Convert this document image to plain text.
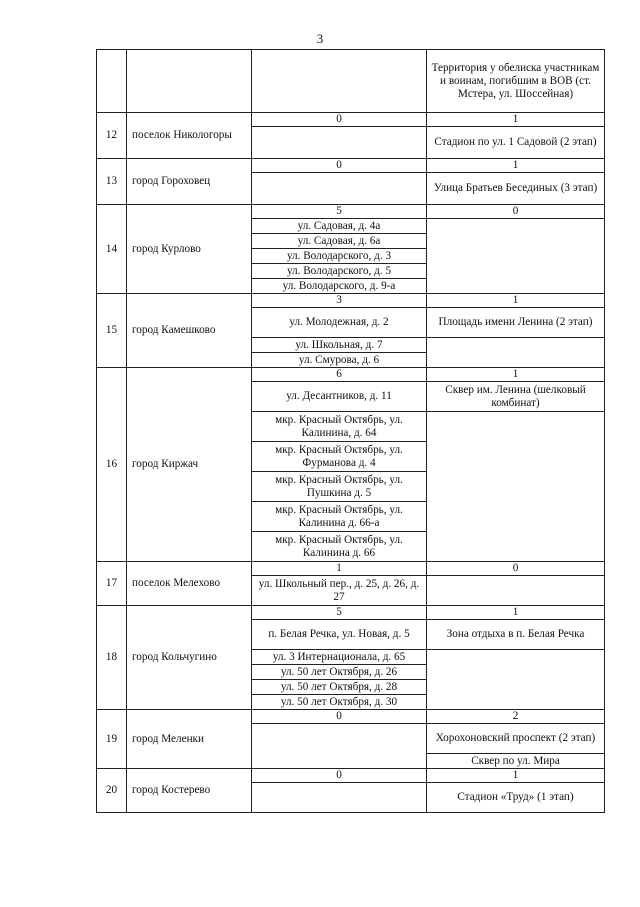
3
			Территория у обелиска участникам и воинам, погибшим в ВОВ (ст. Мстера, ул. Шоссейная)
12	поселок Никологоры	0	1
			Стадион по ул. 1 Садовой (2 этап)
13	город Гороховец	0	1
			Улица Братьев Бесединых (3 этап)
14	город Курлово	5	0
		ул. Садовая, д. 4а	
		ул. Садовая, д. 6а	
		ул. Володарского, д. 3	
		ул. Володарского, д. 5	
		ул. Володарского, д. 9-а	
15	город Камешково	3	1
		ул. Молодежная, д. 2	Площадь имени Ленина (2 этап)
		ул. Школьная, д. 7	
		ул. Смурова, д. 6	
16	город Киржач	6	1
		ул. Десантников, д. 11	Сквер им. Ленина (шелковый комбинат)
		мкр. Красный Октябрь, ул. Калинина, д. 64	
		мкр. Красный Октябрь, ул. Фурманова д. 4	
		мкр. Красный Октябрь, ул. Пушкина д. 5	
		мкр. Красный Октябрь, ул. Калинина д. 66-а	
		мкр. Красный Октябрь, ул. Калинина д. 66	
17	поселок Мелехово	1	0
		ул. Школьный пер., д. 25, д. 26, д. 27	
18	город Кольчугино	5	1
		п. Белая Речка, ул. Новая, д. 5	Зона отдыха в п. Белая Речка
		ул. 3 Интернационала, д. 65	
		ул. 50 лет Октября, д. 26	
		ул. 50 лет Октября, д. 28	
		ул. 50 лет Октября, д. 30	
19	город Меленки	0	2
			Хорохоновский проспект (2 этап)
			Сквер по ул. Мира
20	город Костерево	0	1
			Стадион «Труд» (1 этап)
